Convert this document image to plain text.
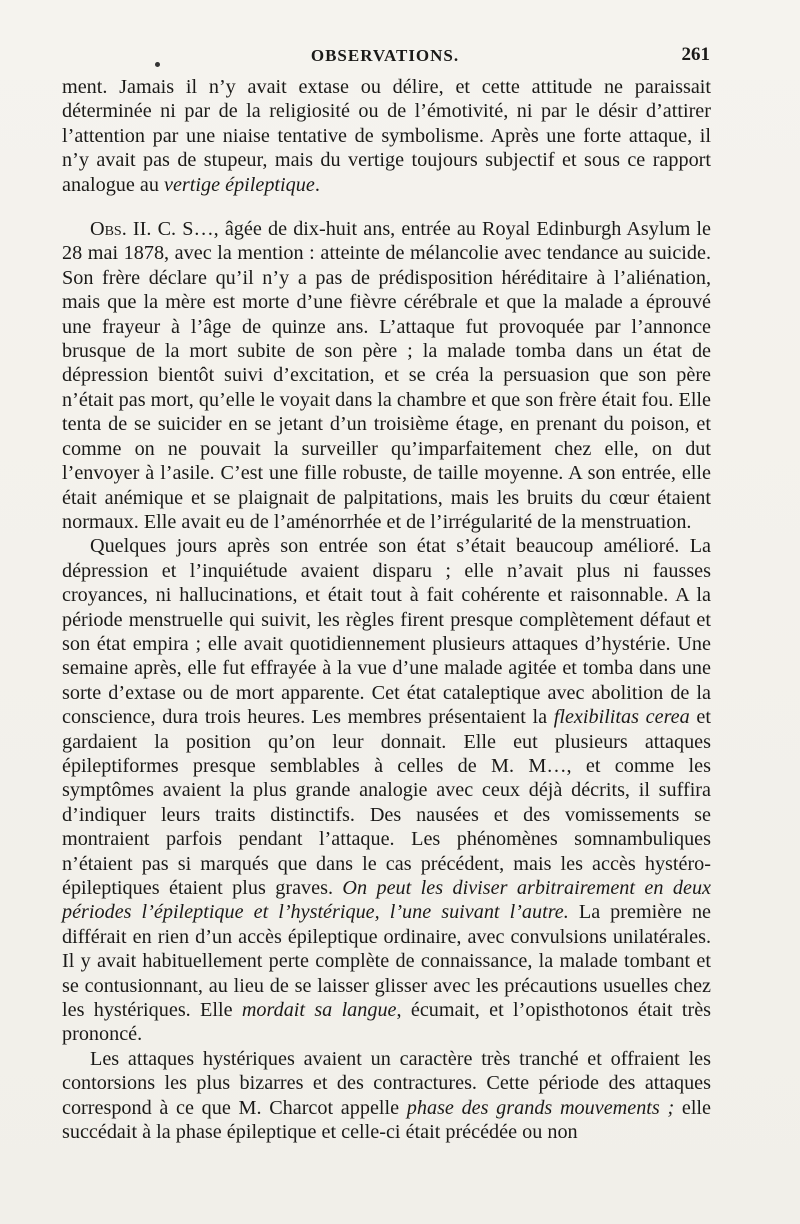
OBSERVATIONS.	261

ment. Jamais il n’y avait extase ou délire, et cette attitude ne paraissait déterminée ni par de la religiosité ou de l’émotivité, ni par le désir d’attirer l’attention par une niaise tentative de symbolisme. Après une forte attaque, il n’y avait pas de stupeur, mais du vertige toujours subjectif et sous ce rapport analogue au vertige épileptique.

Obs. II. C. S…, âgée de dix-huit ans, entrée au Royal Edinburgh Asylum le 28 mai 1878, avec la mention : atteinte de mélancolie avec tendance au suicide. Son frère déclare qu’il n’y a pas de prédisposition héréditaire à l’aliénation, mais que la mère est morte d’une fièvre cérébrale et que la malade a éprouvé une frayeur à l’âge de quinze ans. L’attaque fut provoquée par l’annonce brusque de la mort subite de son père ; la malade tomba dans un état de dépression bientôt suivi d’excitation, et se créa la persuasion que son père n’était pas mort, qu’elle le voyait dans la chambre et que son frère était fou. Elle tenta de se suicider en se jetant d’un troisième étage, en prenant du poison, et comme on ne pouvait la surveiller qu’imparfaitement chez elle, on dut l’envoyer à l’asile. C’est une fille robuste, de taille moyenne. A son entrée, elle était anémique et se plaignait de palpitations, mais les bruits du cœur étaient normaux. Elle avait eu de l’aménorrhée et de l’irrégularité de la menstruation.

Quelques jours après son entrée son état s’était beaucoup amélioré. La dépression et l’inquiétude avaient disparu ; elle n’avait plus ni fausses croyances, ni hallucinations, et était tout à fait cohérente et raisonnable. A la période menstruelle qui suivit, les règles firent presque complètement défaut et son état empira ; elle avait quotidiennement plusieurs attaques d’hystérie. Une semaine après, elle fut effrayée à la vue d’une malade agitée et tomba dans une sorte d’extase ou de mort apparente. Cet état cataleptique avec abolition de la conscience, dura trois heures. Les membres présentaient la flexibilitas cerea et gardaient la position qu’on leur donnait. Elle eut plusieurs attaques épileptiformes presque semblables à celles de M. M…, et comme les symptômes avaient la plus grande analogie avec ceux déjà décrits, il suffira d’indiquer leurs traits distinctifs. Des nausées et des vomissements se montraient parfois pendant l’attaque. Les phénomènes somnambuliques n’étaient pas si marqués que dans le cas précédent, mais les accès hystéro-épileptiques étaient plus graves. On peut les diviser arbitrairement en deux périodes l’épileptique et l’hystérique, l’une suivant l’autre. La première ne différait en rien d’un accès épileptique ordinaire, avec convulsions unilatérales. Il y avait habituellement perte complète de connaissance, la malade tombant et se contusionnant, au lieu de se laisser glisser avec les précautions usuelles chez les hystériques. Elle mordait sa langue, écumait, et l’opisthotonos était très prononcé.

Les attaques hystériques avaient un caractère très tranché et offraient les contorsions les plus bizarres et des contractures. Cette période des attaques correspond à ce que M. Charcot appelle phase des grands mouvements ; elle succédait à la phase épileptique et celle-ci était précédée ou non
